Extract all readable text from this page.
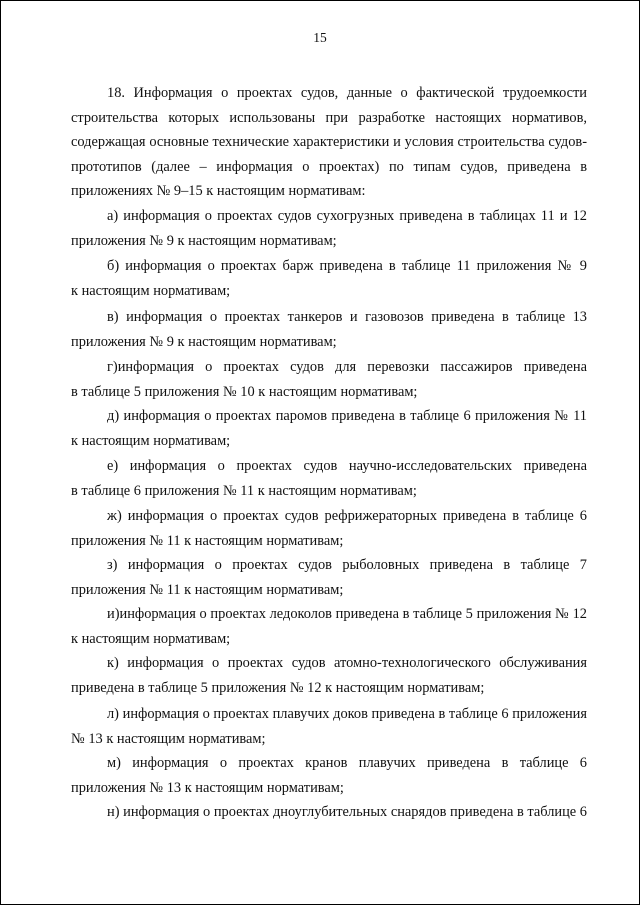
15
18. Информация о проектах судов, данные о фактической трудоемкости
строительства которых использованы при разработке настоящих нормативов, содержащая основные технические характеристики и условия строительства судов-прототипов (далее – информация о проектах) по типам судов, приведена в приложениях № 9–15 к настоящим нормативам:
а) информация о проектах судов сухогрузных приведена в таблицах 11 и 12
приложения № 9 к настоящим нормативам;
б) информация о проектах барж приведена в таблице 11 приложения № 9
к настоящим нормативам;
в) информация о проектах танкеров и газовозов приведена в таблице 13
приложения № 9 к настоящим нормативам;
г)информация о проектах судов для перевозки пассажиров приведена
в таблице 5 приложения № 10 к настоящим нормативам;
д) информация о проектах паромов приведена в таблице 6 приложения № 11
к настоящим нормативам;
е) информация о проектах судов научно-исследовательских приведена
в таблице 6 приложения № 11 к настоящим нормативам;
ж) информация о проектах судов рефрижераторных приведена в таблице 6
приложения № 11 к настоящим нормативам;
з) информация о проектах судов рыболовных приведена в таблице 7
приложения № 11 к настоящим нормативам;
и)информация о проектах ледоколов приведена в таблице 5 приложения № 12
к настоящим нормативам;
к) информация о проектах судов атомно-технологического обслуживания
приведена в таблице 5 приложения № 12 к настоящим нормативам;
л) информация о проектах плавучих доков приведена в таблице 6 приложения
№ 13 к настоящим нормативам;
м) информация о проектах кранов плавучих приведена в таблице 6
приложения № 13 к настоящим нормативам;
н) информация о проектах дноуглубительных снарядов приведена в таблице 6
